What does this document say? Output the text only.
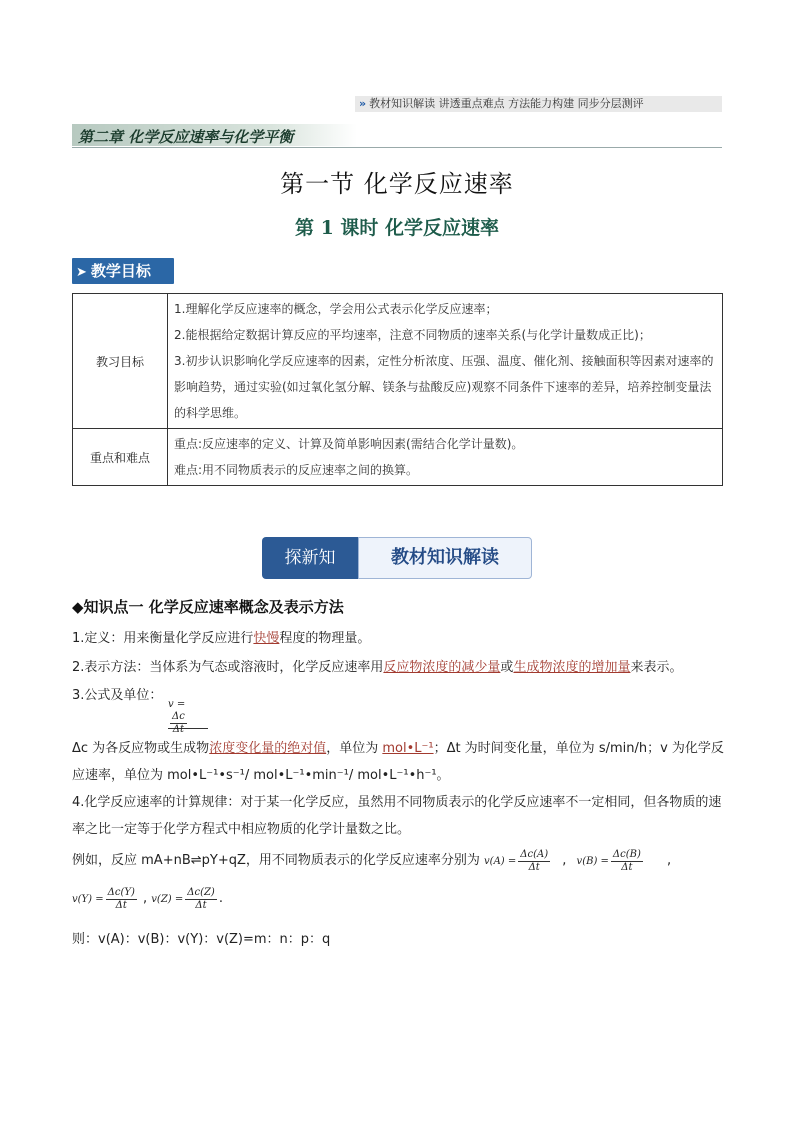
» 教材知识解读 讲透重点难点 方法能力构建 同步分层测评
第二章 化学反应速率与化学平衡
第一节 化学反应速率
第 1 课时 化学反应速率
➤ 教学目标
教习目标	1.理解化学反应速率的概念，学会用公式表示化学反应速率；

2.能根据给定数据计算反应的平均速率，注意不同物质的速率关系(与化学计量数成正比)；

3.初步认识影响化学反应速率的因素，定性分析浓度、压强、温度、催化剂、接触面积等因素对速率的影响趋势，通过实验(如过氧化氢分解、镁条与盐酸反应)观察不同条件下速率的差异，培养控制变量法的科学思维。

重点和难点	重点:反应速率的定义、计算及简单影响因素(需结合化学计量数)。

难点:用不同物质表示的反应速率之间的换算。

探新知	教材知识解读
◆知识点一 化学反应速率概念及表示方法
1.定义：用来衡量化学反应进行快慢程度的物理量。
2.表示方法：当体系为气态或溶液时，化学反应速率用反应物浓度的减少量或生成物浓度的增加量来表示。
3.公式及单位：
v =
$\frac{\Delta c}{\Delta t}$
Δc 为各反应物或生成物浓度变化量的绝对值，单位为 mol•L⁻¹；Δt 为时间变化量，单位为 s/min/h；v 为化学反应速率，单位为 mol•L⁻¹•s⁻¹/ mol•L⁻¹•min⁻¹/ mol•L⁻¹•h⁻¹。
4.化学反应速率的计算规律：对于某一化学反应，虽然用不同物质表示的化学反应速率不一定相同，但各物质的速率之比一定等于化学方程式中相应物质的化学计量数之比。
例如，反应 mA+nB⇌pY+qZ，用不同物质表示的化学反应速率分别为 $v(A) = \frac{\Delta c(A)}{\Delta t}$ , $v(B) = \frac{\Delta c(B)}{\Delta t}$ ,
$v(Y) = \frac{\Delta c(Y)}{\Delta t}$ , $v(Z) = \frac{\Delta c(Z)}{\Delta t}$ .
则：v(A)：v(B)：v(Y)：v(Z)=m：n：p：q
